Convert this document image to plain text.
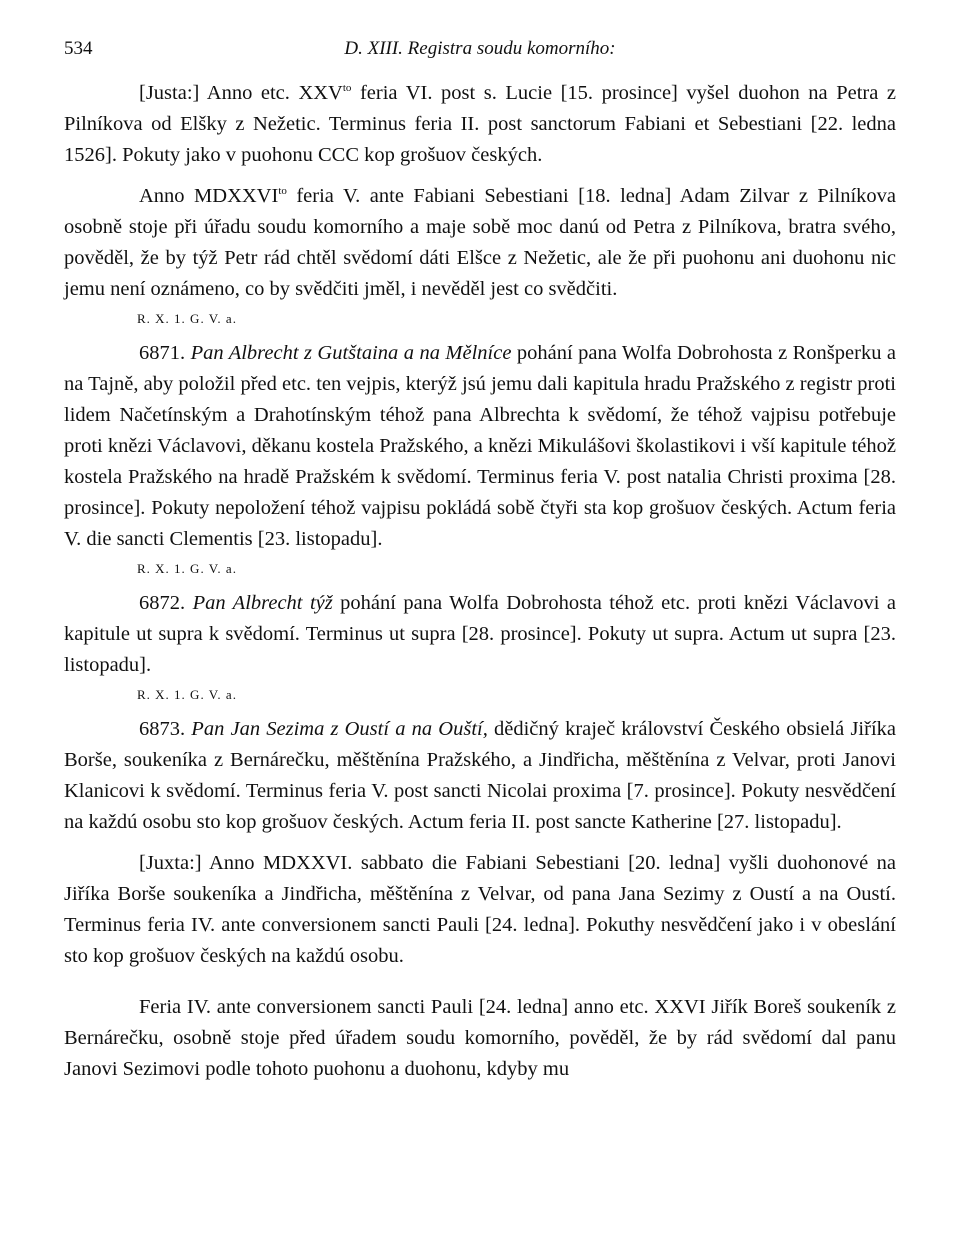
534	D. XIII. Registra soudu komorního:

[Justa:] Anno etc. $XXV^{to}$ feria VI. post s. Lucie [15. prosince] vyšel duohon na Petra z Pilníkova od Elšky z Nežetic. Terminus feria II. post sanctorum Fabiani et Sebestiani [22. ledna 1526]. Pokuty jako v puohonu CCC kop grošuov českých.

Anno $MDXXVI^{to}$ feria V. ante Fabiani Sebestiani [18. ledna] Adam Zilvar z Pilníkova osobně stoje při úřadu soudu komorního a maje sobě moc danú od Petra z Pilníkova, bratra svého, pověděl, že by týž Petr rád chtěl svědomí dáti Elšce z Nežetic, ale že při puohonu ani duohonu nic jemu není oznámeno, co by svědčiti jměl, i nevěděl jest co svědčiti.

R. X. 1. G. V. a.

6871. Pan Albrecht z Gutštaina a na Mělníce pohání pana Wolfa Dobrohosta z Ronšperku a na Tajně, aby položil před etc. ten vejpis, kterýž jsú jemu dali kapitula hradu Pražského z registr proti lidem Načetínským a Drahotínským téhož pana Albrechta k svědomí, že téhož vajpisu potřebuje proti knězi Václavovi, děkanu kostela Pražského, a knězi Mikulášovi školastikovi i vší kapitule téhož kostela Pražského na hradě Pražském k svědomí. Terminus feria V. post natalia Christi proxima [28. prosince]. Pokuty nepoložení téhož vajpisu pokládá sobě čtyři sta kop grošuov českých. Actum feria V. die sancti Clementis [23. listopadu].

R. X. 1. G. V. a.

6872. Pan Albrecht týž pohání pana Wolfa Dobrohosta téhož etc. proti knězi Václavovi a kapitule ut supra k svědomí. Terminus ut supra [28. prosince]. Pokuty ut supra. Actum ut supra [23. listopadu].

R. X. 1. G. V. a.

6873. Pan Jan Sezima z Oustí a na Ouští, dědičný kraječ království Českého obsielá Jiříka Borše, soukeníka z Bernárečku, měštěnína Pražského, a Jindřicha, měštěnína z Velvar, proti Janovi Klanicovi k svědomí. Terminus feria V. post sancti Nicolai proxima [7. prosince]. Pokuty nesvědčení na každú osobu sto kop grošuov českých. Actum feria II. post sancte Katherine [27. listopadu].

[Juxta:] Anno MDXXVI. sabbato die Fabiani Sebestiani [20. ledna] vyšli duohonové na Jiříka Borše soukeníka a Jindřicha, měštěnína z Velvar, od pana Jana Sezimy z Oustí a na Oustí. Terminus feria IV. ante conversionem sancti Pauli [24. ledna]. Pokuthy nesvědčení jako i v obeslání sto kop grošuov českých na každú osobu.

Feria IV. ante conversionem sancti Pauli [24. ledna] anno etc. XXVI Jiřík Boreš soukeník z Bernárečku, osobně stoje před úřadem soudu komorního, pověděl, že by rád svědomí dal panu Janovi Sezimovi podle tohoto puohonu a duohonu, kdyby mu
